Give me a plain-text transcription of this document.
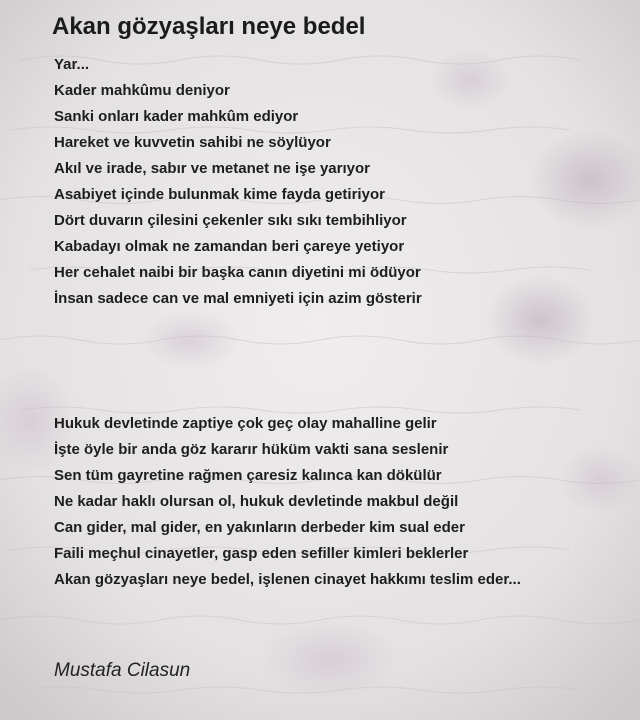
Akan gözyaşları neye bedel
Yar...
Kader mahkûmu deniyor
Sanki onları kader mahkûm ediyor
Hareket ve kuvvetin sahibi ne söylüyor
Akıl ve irade, sabır ve metanet ne işe yarıyor
Asabiyet içinde bulunmak kime fayda getiriyor
Dört duvarın çilesini çekenler sıkı sıkı tembihliyor
Kabadayı olmak ne zamandan beri çareye yetiyor
Her cehalet naibi bir başka canın diyetini mi ödüyor
İnsan sadece can ve mal emniyeti için azim gösterir
Hukuk devletinde zaptiye çok geç olay mahalline gelir
İşte öyle bir anda göz kararır hüküm vakti sana seslenir
Sen tüm gayretine rağmen çaresiz kalınca kan dökülür
Ne kadar haklı olursan ol, hukuk devletinde makbul değil
Can gider, mal gider, en yakınların derbeder kim sual eder
Faili meçhul cinayetler, gasp eden sefiller kimleri beklerler
Akan gözyaşları neye bedel, işlenen cinayet hakkımı teslim eder...

Mustafa Cilasun
